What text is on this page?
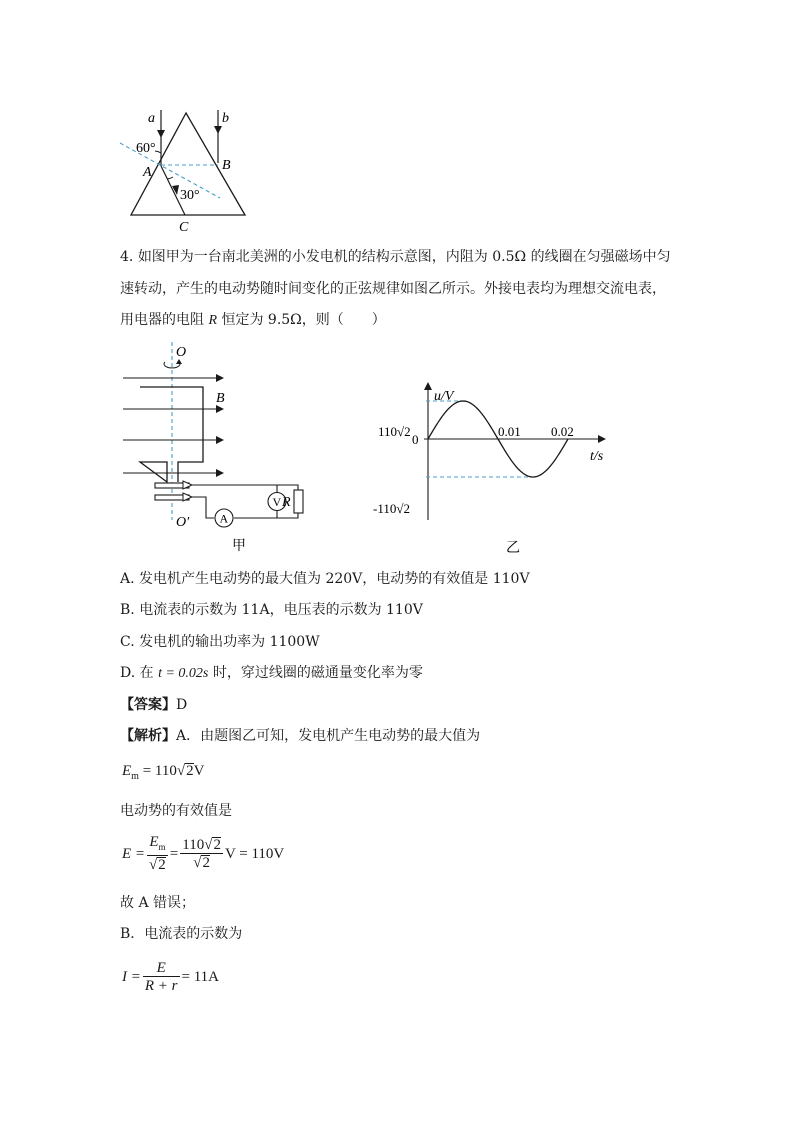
a	b
60°
30°
A	B
C
4. 如图甲为一台南北美洲的小发电机的结构示意图，内阻为 0.5Ω 的线圈在匀强磁场中匀
速转动，产生的电动势随时间变化的正弦规律如图乙所示。外接电表均为理想交流电表，
用电器的电阻 R 恒定为 9.5Ω，则（　　）
O
O′
B
V R
A
甲
u/V
t/s
0
110√2
-110√2
0.01 0.02
乙
A. 发电机产生电动势的最大值为 220V，电动势的有效值是 110V
B. 电流表的示数为 11A，电压表的示数为 110V
C. 发电机的输出功率为 1100W
D. 在 t = 0.02s 时，穿过线圈的磁通量变化率为零
【答案】D
【解析】A．由题图乙可知，发电机产生电动势的最大值为
$E_m = 110√2V$
电动势的有效值是
$E = \frac{E_m}{√2} = \frac{110√2}{√2}$ V = 110V
故 A 错误；
B．电流表的示数为
$I = \frac{E}{R + r} = 11A$
